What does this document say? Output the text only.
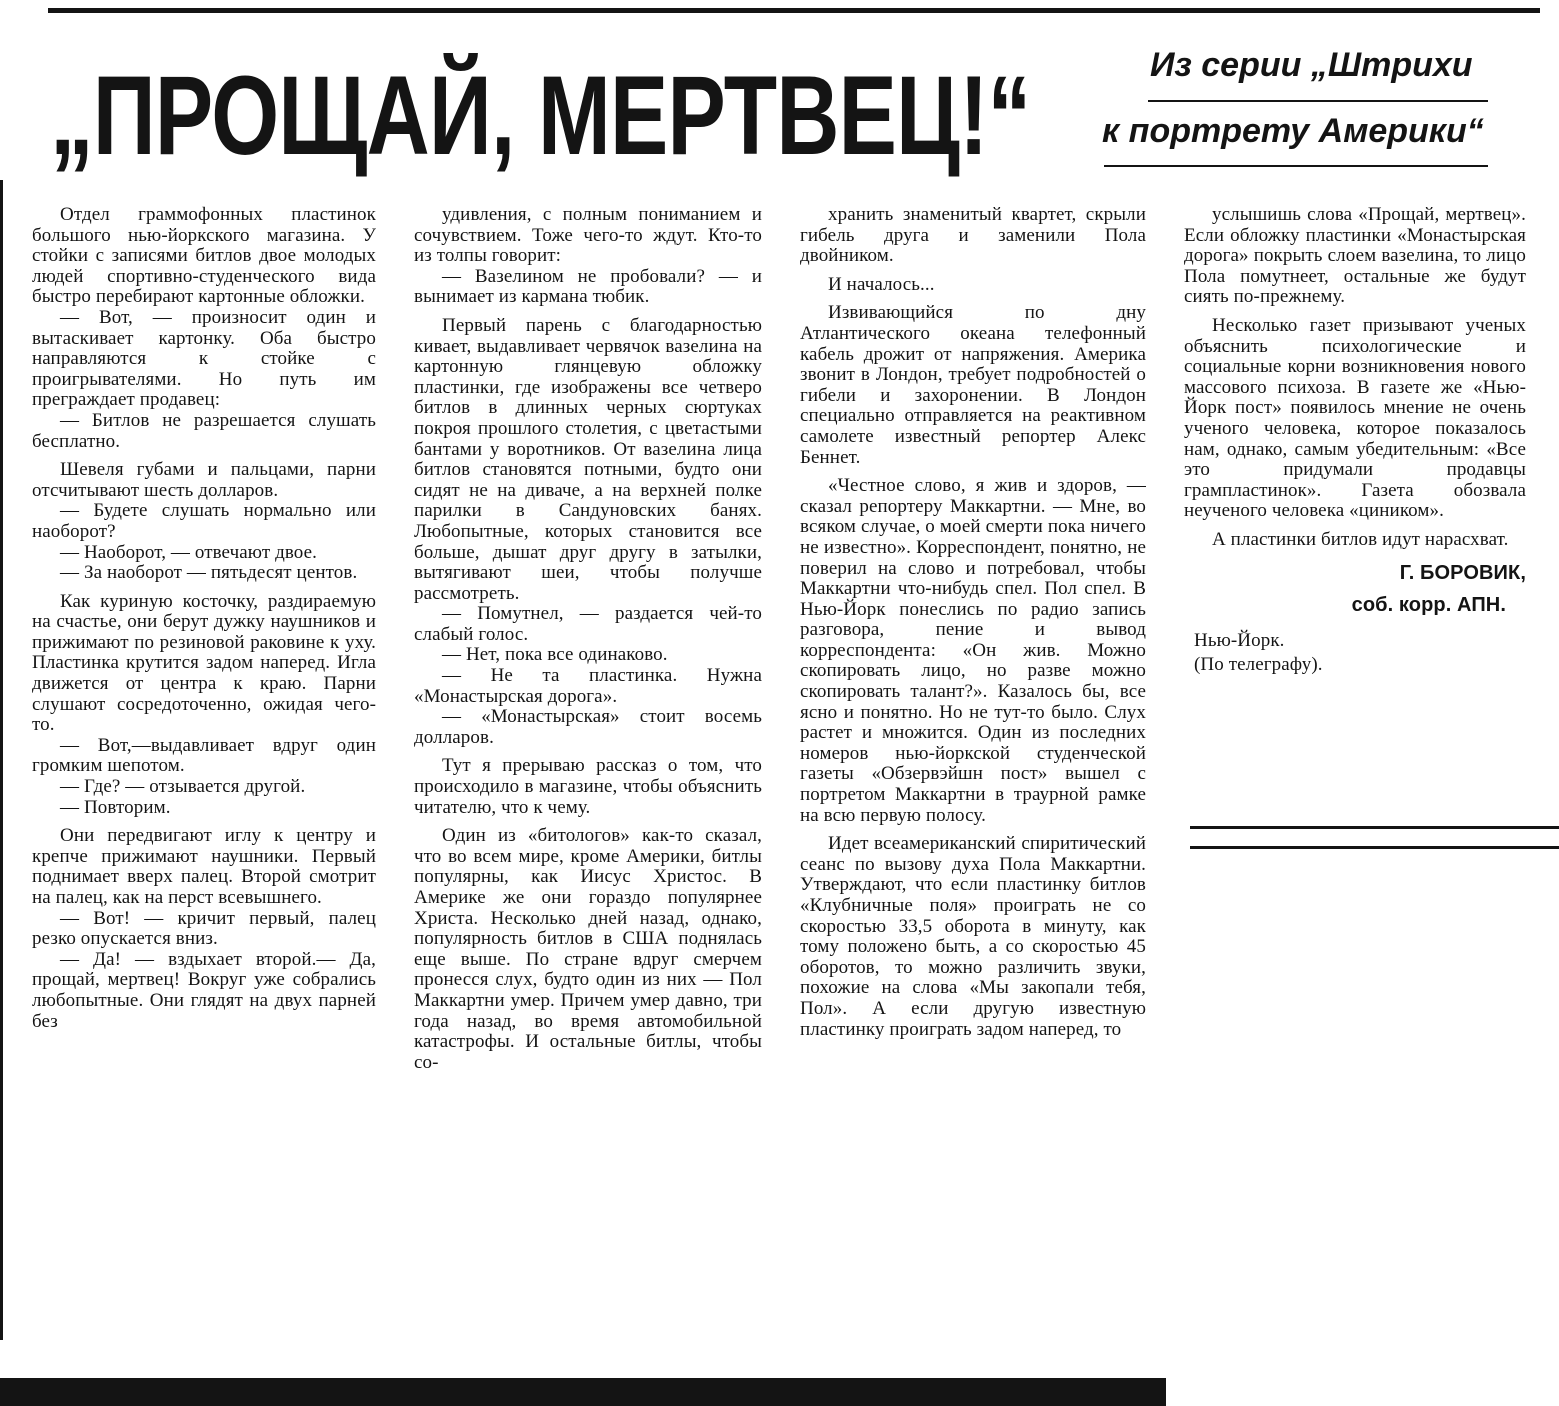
„ПРОЩАЙ, МЕРТВЕЦ!“	Из серии „Штрихи
к портрету Америки“

Отдел граммофонных пластинок большого нью-йоркского магазина. У стойки с записями битлов двое молодых людей спортивно-студенческого вида быстро перебирают картонные обложки.

— Вот, — произносит один и вытаскивает картонку. Оба быстро направляются к стойке с проигрывателями. Но путь им преграждает продавец:

— Битлов не разрешается слушать бесплатно.

Шевеля губами и пальцами, парни отсчитывают шесть долларов.

— Будете слушать нормально или наоборот?

— Наоборот, — отвечают двое.

— За наоборот — пятьдесят центов.

Как куриную косточку, раздираемую на счастье, они берут дужку наушников и прижимают по резиновой раковине к уху. Пластинка крутится задом наперед. Игла движется от центра к краю. Парни слушают сосредоточенно, ожидая чего-то.

— Вот,—выдавливает вдруг один громким шепотом.

— Где? — отзывается другой.

— Повторим.

Они передвигают иглу к центру и крепче прижимают наушники. Первый поднимает вверх палец. Второй смотрит на палец, как на перст всевышнего.

— Вот! — кричит первый, палец резко опускается вниз.

— Да! — вздыхает второй.— Да, прощай, мертвец! Вокруг уже собрались любопытные. Они глядят на двух парней без

удивления, с полным пониманием и сочувствием. Тоже чего-то ждут. Кто-то из толпы говорит:

— Вазелином не пробовали? — и вынимает из кармана тюбик.

Первый парень с благодарностью кивает, выдавливает червячок вазелина на картонную глянцевую обложку пластинки, где изображены все четверо битлов в длинных черных сюртуках покроя прошлого столетия, с цветастыми бантами у воротников. От вазелина лица битлов становятся потными, будто они сидят не на диваче, а на верхней полке парилки в Сандуновских банях. Любопытные, которых становится все больше, дышат друг другу в затылки, вытягивают шеи, чтобы получше рассмотреть.

— Помутнел, — раздается чей-то слабый голос.

— Нет, пока все одинаково.

— Не та пластинка. Нужна «Монастырская дорога».

— «Монастырская» стоит восемь долларов.

Тут я прерываю рассказ о том, что происходило в магазине, чтобы объяснить читателю, что к чему.

Один из «битологов» как-то сказал, что во всем мире, кроме Америки, битлы популярны, как Иисус Христос. В Америке же они гораздо популярнее Христа. Несколько дней назад, однако, популярность битлов в США поднялась еще выше. По стране вдруг смерчем пронесся слух, будто один из них — Пол Маккартни умер. Причем умер давно, три года назад, во время автомобильной катастрофы. И остальные битлы, чтобы со-

хранить знаменитый квартет, скрыли гибель друга и заменили Пола двойником.

И началось...

Извивающийся по дну Атлантического океана телефонный кабель дрожит от напряжения. Америка звонит в Лондон, требует подробностей о гибели и захоронении. В Лондон специально отправляется на реактивном самолете известный репортер Алекс Беннет.

«Честное слово, я жив и здоров, — сказал репортеру Маккартни. — Мне, во всяком случае, о моей смерти пока ничего не известно». Корреспондент, понятно, не поверил на слово и потребовал, чтобы Маккартни что-нибудь спел. Пол спел. В Нью-Йорк понеслись по радио запись разговора, пение и вывод корреспондента: «Он жив. Можно скопировать лицо, но разве можно скопировать талант?». Казалось бы, все ясно и понятно. Но не тут-то было. Слух растет и множится. Один из последних номеров нью-йоркской студенческой газеты «Обзервэйшн пост» вышел с портретом Маккартни в траурной рамке на всю первую полосу.

Идет всеамериканский спиритический сеанс по вызову духа Пола Маккартни. Утверждают, что если пластинку битлов «Клубничные поля» проиграть не со скоростью 33,5 оборота в минуту, как тому положено быть, а со скоростью 45 оборотов, то можно различить звуки, похожие на слова «Мы закопали тебя, Пол». А если другую известную пластинку проиграть задом наперед, то

услышишь слова «Прощай, мертвец». Если обложку пластинки «Монастырская дорога» покрыть слоем вазелина, то лицо Пола помутнеет, остальные же будут сиять по-прежнему.

Несколько газет призывают ученых объяснить психологические и социальные корни возникновения нового массового психоза. В газете же «Нью-Йорк пост» появилось мнение не очень ученого человека, которое показалось нам, однако, самым убедительным: «Все это придумали продавцы грампластинок». Газета обозвала неученого человека «циником».

А пластинки битлов идут нарасхват.

Г. БОРОВИК,
соб. корр. АПН.
Нью-Йорк.
(По телеграфу).
